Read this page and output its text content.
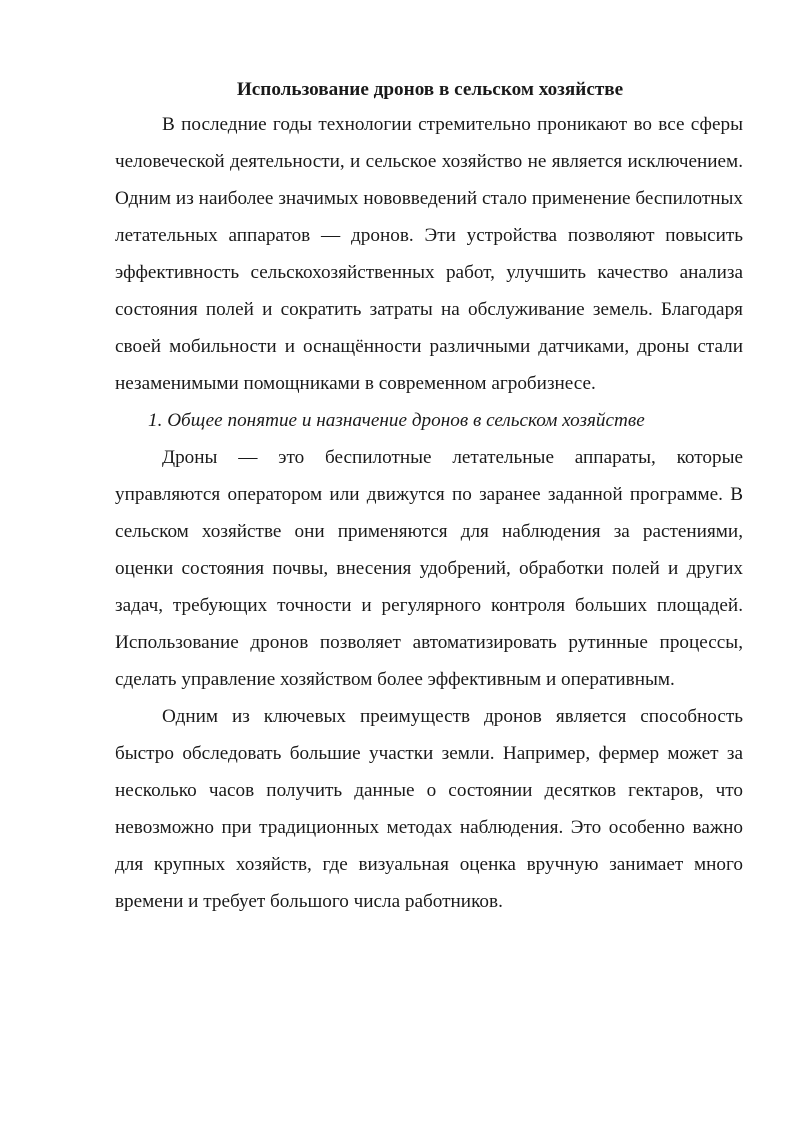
Использование дронов в сельском хозяйстве

В последние годы технологии стремительно проникают во все сферы человеческой деятельности, и сельское хозяйство не является исключением. Одним из наиболее значимых нововведений стало применение беспилотных летательных аппаратов — дронов. Эти устройства позволяют повысить эффективность сельскохозяйственных работ, улучшить качество анализа состояния полей и сократить затраты на обслуживание земель. Благодаря своей мобильности и оснащённости различными датчиками, дроны стали незаменимыми помощниками в современном агробизнесе.

1. Общее понятие и назначение дронов в сельском хозяйстве

Дроны — это беспилотные летательные аппараты, которые управляются оператором или движутся по заранее заданной программе. В сельском хозяйстве они применяются для наблюдения за растениями, оценки состояния почвы, внесения удобрений, обработки полей и других задач, требующих точности и регулярного контроля больших площадей. Использование дронов позволяет автоматизировать рутинные процессы, сделать управление хозяйством более эффективным и оперативным.

Одним из ключевых преимуществ дронов является способность быстро обследовать большие участки земли. Например, фермер может за несколько часов получить данные о состоянии десятков гектаров, что невозможно при традиционных методах наблюдения. Это особенно важно для крупных хозяйств, где визуальная оценка вручную занимает много времени и требует большого числа работников.
